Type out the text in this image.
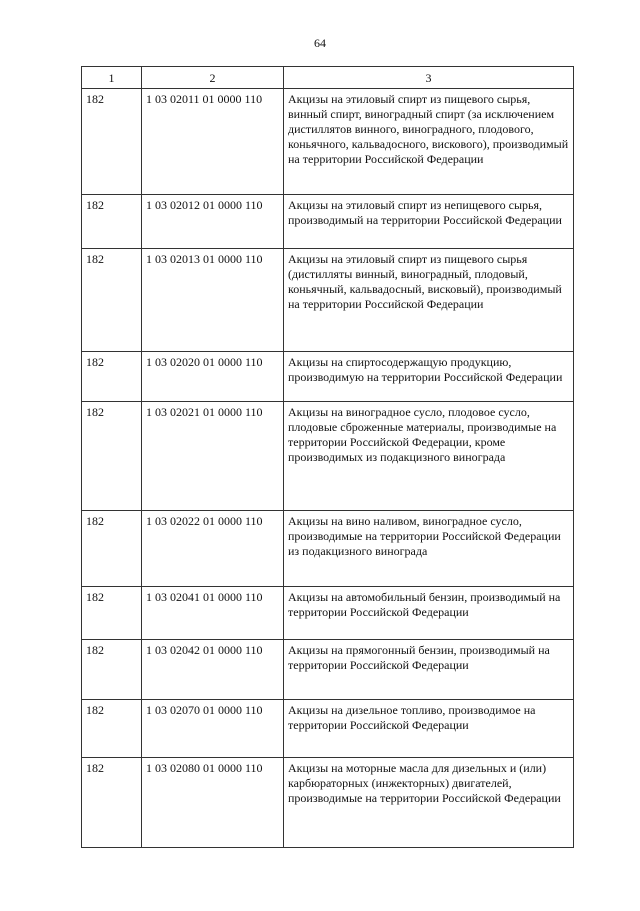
64
1	2	3
182	1 03 02011 01 0000 110	Акцизы на этиловый спирт из пищевого сырья, винный спирт, виноградный спирт (за исключением дистиллятов винного, виноградного, плодового, коньячного, кальвадосного, вискового), производимый на территории Российской Федерации
182	1 03 02012 01 0000 110	Акцизы на этиловый спирт из непищевого сырья, производимый на территории Российской Федерации
182	1 03 02013 01 0000 110	Акцизы на этиловый спирт из пищевого сырья (дистилляты винный, виноградный, плодовый, коньячный, кальвадосный, висковый), производимый на территории Российской Федерации
182	1 03 02020 01 0000 110	Акцизы на спиртосодержащую продукцию, производимую на территории Российской Федерации
182	1 03 02021 01 0000 110	Акцизы на виноградное сусло, плодовое сусло, плодовые сброженные материалы, производимые на территории Российской Федерации, кроме производимых из подакцизного винограда
182	1 03 02022 01 0000 110	Акцизы на вино наливом, виноградное сусло, производимые на территории Российской Федерации из подакцизного винограда
182	1 03 02041 01 0000 110	Акцизы на автомобильный бензин, производимый на территории Российской Федерации
182	1 03 02042 01 0000 110	Акцизы на прямогонный бензин, производимый на территории Российской Федерации
182	1 03 02070 01 0000 110	Акцизы на дизельное топливо, производимое на территории Российской Федерации
182	1 03 02080 01 0000 110	Акцизы на моторные масла для дизельных и (или) карбюраторных (инжекторных) двигателей, производимые на территории Российской Федерации
